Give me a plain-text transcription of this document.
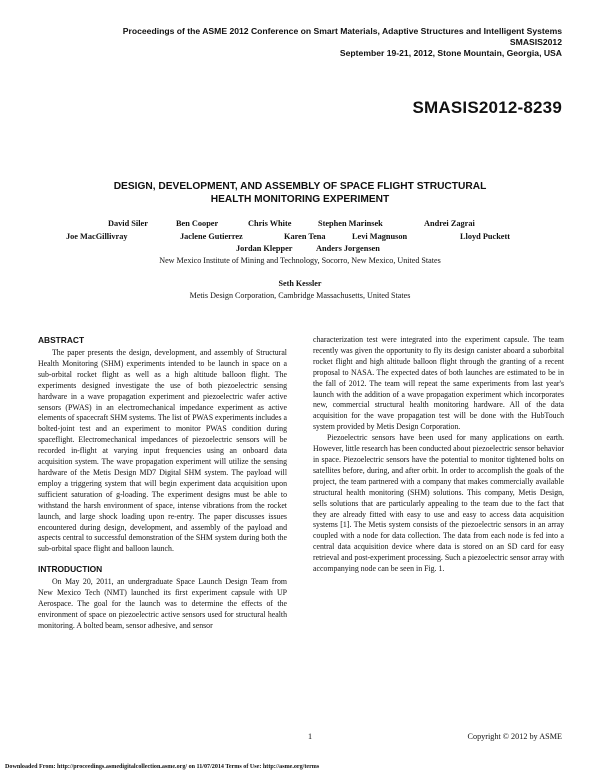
Proceedings of the ASME 2012 Conference on Smart Materials, Adaptive Structures and Intelligent Systems
SMASIS2012
September 19-21, 2012, Stone Mountain, Georgia, USA
SMASIS2012-8239
DESIGN, DEVELOPMENT, AND ASSEMBLY OF SPACE FLIGHT STRUCTURAL
HEALTH MONITORING EXPERIMENT
David Siler	Ben Cooper	Chris White	Stephen Marinsek	Andrei Zagrai
Joe MacGillivray	Jaclene Gutierrez	Karen Tena	Levi Magnuson	Lloyd Puckett
Jordan Klepper	Anders Jorgensen
New Mexico Institute of Mining and Technology, Socorro, New Mexico, United States
Seth Kessler
Metis Design Corporation, Cambridge Massachusetts, United States
ABSTRACT

The paper presents the design, development, and assembly of Structural Health Monitoring (SHM) experiments intended to be launch in space on a sub-orbital rocket flight as well as a high altitude balloon flight. The experiments designed investigate the use of both piezoelectric sensing hardware in a wave propagation experiment and piezoelectric wafer active sensors (PWAS) in an electromechanical impedance experiment as active elements of spacecraft SHM systems. The list of PWAS experiments includes a bolted-joint test and an experiment to monitor PWAS condition during spaceflight. Electromechanical impedances of piezoelectric sensors will be recorded in-flight at varying input frequencies using an onboard data acquisition system. The wave propagation experiment will utilize the sensing hardware of the Metis Design MD7 Digital SHM system. The payload will employ a triggering system that will begin experiment data acquisition upon sufficient saturation of g-loading. The experiment designs must be able to withstand the harsh environment of space, intense vibrations from the rocket launch, and large shock loading upon re-entry. The paper discusses issues encountered during design, development, and assembly of the payload and aspects central to successful demonstration of the SHM system during both the sub-orbital space flight and balloon launch.

INTRODUCTION

On May 20, 2011, an undergraduate Space Launch Design Team from New Mexico Tech (NMT) launched its first experiment capsule with UP Aerospace. The goal for the launch was to determine the effects of the environment of space on piezoelectric active sensors used for structural health monitoring. A bolted beam, sensor adhesive, and sensor

characterization test were integrated into the experiment capsule. The team recently was given the opportunity to fly its design canister aboard a suborbital rocket flight and high altitude balloon flight through the granting of a recent proposal to NASA. The expected dates of both launches are estimated to be in the fall of 2012. The team will repeat the same experiments from last year's launch with the addition of a wave propagation experiment which incorporates new, commercial structural health monitoring hardware. All of the data acquisition for the wave propagation test will be done with the HubTouch system provided by Metis Design Corporation.

Piezoelectric sensors have been used for many applications on earth. However, little research has been conducted about piezoelectric sensor behavior in space. Piezoelectric sensors have the potential to monitor tightened bolts on satellites before, during, and after orbit. In order to accomplish the goals of the project, the team partnered with a company that makes commercially available structural health monitoring (SHM) solutions. This company, Metis Design, sells solutions that are particularly appealing to the team due to the fact that they are already fitted with easy to use and easy to access data acquisition systems [1]. The Metis system consists of the piezoelectric sensors in an array coupled with a node for data collection. The data from each node is fed into a central data acquisition device where data is stored on an SD card for easy retrieval and post-experiment processing. Such a piezoelectric sensor array with accompanying node can be seen in Fig. 1.

1	Copyright © 2012 by ASME
Downloaded From: http://proceedings.asmedigitalcollection.asme.org/ on 11/07/2014 Terms of Use: http://asme.org/terms
